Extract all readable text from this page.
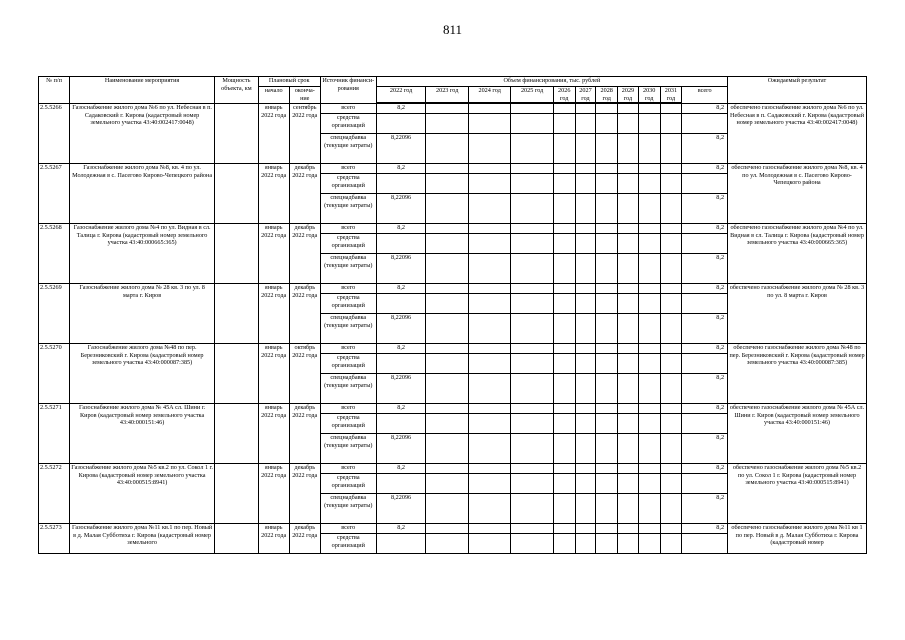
811
№ п/п	Наименование мероприятия	Мощность объекта, км	Плановый срок		Источник финанси-рования	Объем финансирования, тыс. рублей											Ожидаемый результат
			начало	оконча-ние		2022 год	2023 год	2024 год	2025 год	2026 год	2027 год	2028 год	2029 год	2030 год	2031 год	всего	

2.5.5266	Газоснабжение жилого дома №6 по ул. Небесная в п. Садаковский г. Кирова (кадастровый номер земельного участка 43:40:002417:0048)		январь 2022 года	сентябрь 2022 года	всего	8,2										8,2	обеспечено газоснабжение жилого дома №6 по ул. Небесная в п. Садаковский г. Кирова (кадастровый номер земельного участка 43:40:002417:0048)
					средства организаций												
					спецнадбавка (текущие затраты)	8,22096										8,2	
2.5.5267	Газоснабжение жилого дома №8, кв. 4 по ул. Молодежная в с. Пасегово Кирово-Чепецкого района		январь 2022 года	декабрь 2022 года	всего	8,2										8,2	обеспечено газоснабжение жилого дома №8, кв. 4 по ул. Молодежная в с. Пасегово Кирово-Чепецкого района
					средства организаций												
					спецнадбавка (текущие затраты)	8,22096										8,2	
2.5.5268	Газоснабжение жилого дома №4 по ул. Видная в сл. Талица г. Кирова (кадастровый номер земельного участка 43:40:000665:365)		январь 2022 года	декабрь 2022 года	всего	8,2										8,2	обеспечено газоснабжение жилого дома №4 по ул. Видная в сл. Талица г. Кирова (кадастровый номер земельного участка 43:40:000665:365)
					средства организаций												
					спецнадбавка (текущие затраты)	8,22096										8,2	
2.5.5269	Газоснабжение жилого дома № 28 кв. 3 по ул. 8 марта г. Киров		январь 2022 года	декабрь 2022 года	всего	8,2										8,2	обеспечено газоснабжение жилого дома № 28 кв. 3 по ул. 8 марта г. Киров
					средства организаций												
					спецнадбавка (текущие затраты)	8,22096										8,2	
2.5.5270	Газоснабжение жилого дома №48 по пер. Березниковский г. Кирова (кадастровый номер земельного участка 43:40:000087:385)		январь 2022 года	октябрь 2022 года	всего	8,2										8,2	обеспечено газоснабжение жилого дома №48 по пер. Березниковский г. Кирова (кадастровый номер земельного участка 43:40:000087:385)
					средства организаций												
					спецнадбавка (текущие затраты)	8,22096										8,2	
2.5.5271	Газоснабжение жилого дома № 45А сл. Шини г. Киров (кадастровый номер земельного участка 43:40:000151:46)		январь 2022 года	декабрь 2022 года	всего	8,2										8,2	обеспечено газоснабжение жилого дома № 45А сл. Шини г. Киров (кадастровый номер земельного участка 43:40:000151:46)
					средства организаций												
					спецнадбавка (текущие затраты)	8,22096										8,2	
2.5.5272	Газоснабжение жилого дома №5 кв.2 по ул. Сокол 1 г. Кирова (кадастровый номер земельного участка 43:40:000515:8941)		январь 2022 года	декабрь 2022 года	всего	8,2										8,2	обеспечено газоснабжение жилого дома №5 кв.2 по ул. Сокол 1 г. Кирова (кадастровый номер земельного участка 43:40:000515:8941)
					средства организаций												
					спецнадбавка (текущие затраты)	8,22096										8,2	
2.5.5273	Газоснабжение жилого дома №11 кв.1 по пер. Новый в д. Малая Субботиха г. Кирова (кадастровый номер земельного		январь 2022 года	декабрь 2022 года	всего	8,2										8,2	обеспечено газоснабжение жилого дома №11 кв 1 по пер. Новый в д. Малая Субботиха г. Кирова (кадастровый номер
					средства организаций												
